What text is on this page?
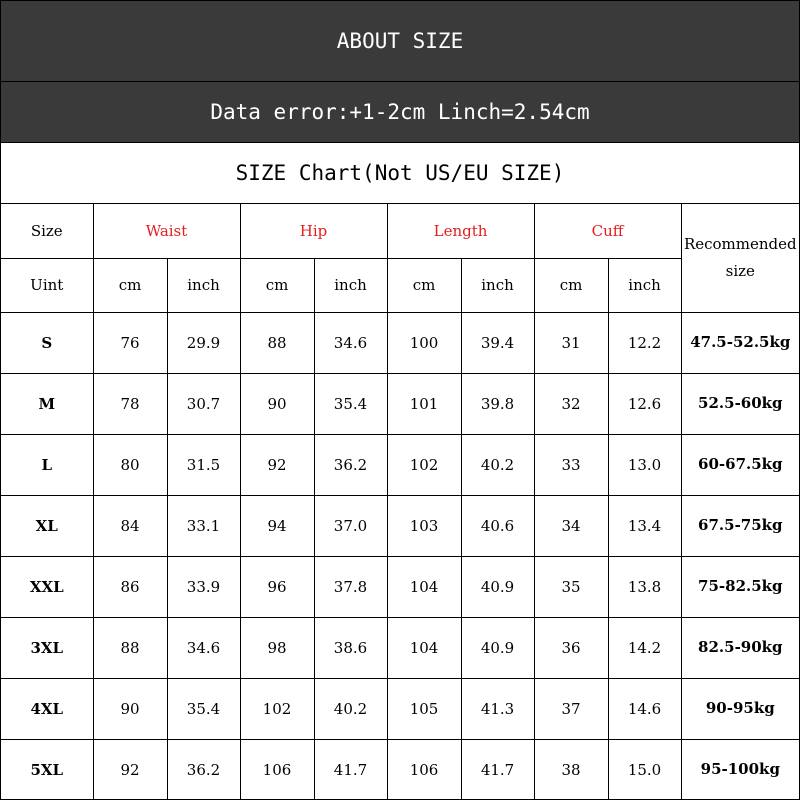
ABOUT SIZE
Data error:+1-2cm Linch=2.54cm
SIZE Chart(Not US/EU SIZE)
Size	Waist		Hip		Length		Cuff		Recommended size
Uint	cm	inch	cm	inch	cm	inch	cm	inch	
S	76	29.9	88	34.6	100	39.4	31	12.2	47.5-52.5kg
M	78	30.7	90	35.4	101	39.8	32	12.6	52.5-60kg
L	80	31.5	92	36.2	102	40.2	33	13.0	60-67.5kg
XL	84	33.1	94	37.0	103	40.6	34	13.4	67.5-75kg
XXL	86	33.9	96	37.8	104	40.9	35	13.8	75-82.5kg
3XL	88	34.6	98	38.6	104	40.9	36	14.2	82.5-90kg
4XL	90	35.4	102	40.2	105	41.3	37	14.6	90-95kg
5XL	92	36.2	106	41.7	106	41.7	38	15.0	95-100kg
